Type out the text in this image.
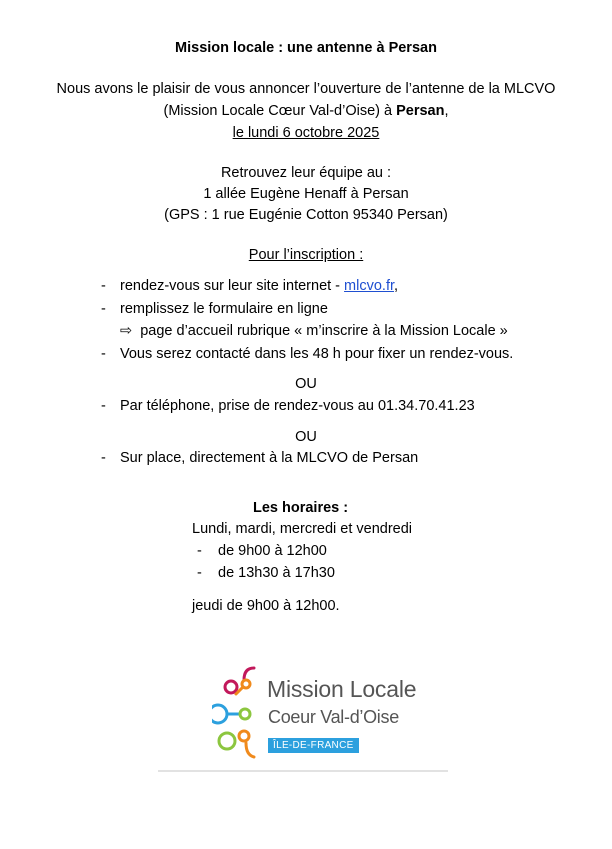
Mission locale : une antenne à Persan
Nous avons le plaisir de vous annoncer l’ouverture de l’antenne de la MLCVO
(Mission Locale Cœur Val-d’Oise) à Persan,
le lundi 6 octobre 2025
Retrouvez leur équipe au :
1 allée Eugène Henaff à Persan
(GPS : 1 rue Eugénie Cotton 95340 Persan)
Pour l’inscription :
- rendez-vous sur leur site internet - mlcvo.fr,
- remplissez le formulaire en ligne
⇨ page d’accueil rubrique « m’inscrire à la Mission Locale »
- Vous serez contacté dans les 48 h pour fixer un rendez-vous.
OU
- Par téléphone, prise de rendez-vous au 01.34.70.41.23
OU
- Sur place, directement à la MLCVO de Persan
Les horaires :
Lundi, mardi, mercredi et vendredi
- de 9h00 à 12h00
- de 13h30 à 17h30
jeudi de 9h00 à 12h00.
Mission Locale
Coeur Val-d’Oise
ÎLE-DE-FRANCE
